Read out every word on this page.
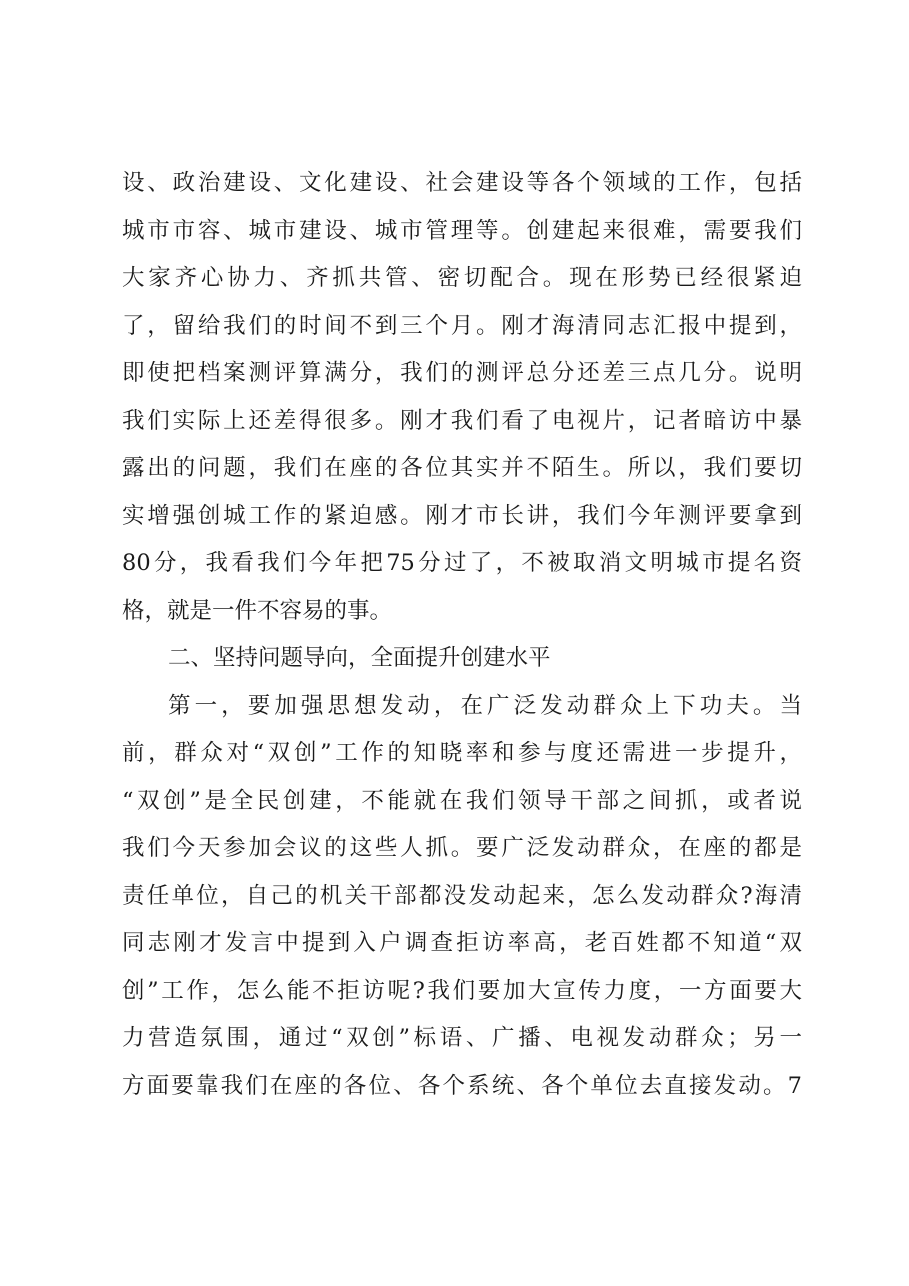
设、政治建设、文化建设、社会建设等各个领域的工作，包括
城市市容、城市建设、城市管理等。创建起来很难，需要我们
大家齐心协力、齐抓共管、密切配合。现在形势已经很紧迫
了，留给我们的时间不到三个月。刚才海清同志汇报中提到，
即使把档案测评算满分，我们的测评总分还差三点几分。说明
我们实际上还差得很多。刚才我们看了电视片，记者暗访中暴
露出的问题，我们在座的各位其实并不陌生。所以，我们要切
实增强创城工作的紧迫感。刚才市长讲，我们今年测评要拿到
80分，我看我们今年把75分过了，不被取消文明城市提名资
格，就是一件不容易的事。
二、坚持问题导向，全面提升创建水平
第一，要加强思想发动，在广泛发动群众上下功夫。当
前，群众对“双创”工作的知晓率和参与度还需进一步提升，
“双创”是全民创建，不能就在我们领导干部之间抓，或者说
我们今天参加会议的这些人抓。要广泛发动群众，在座的都是
责任单位，自己的机关干部都没发动起来，怎么发动群众?海清
同志刚才发言中提到入户调查拒访率高，老百姓都不知道“双
创”工作，怎么能不拒访呢?我们要加大宣传力度，一方面要大
力营造氛围，通过“双创”标语、广播、电视发动群众；另一
方面要靠我们在座的各位、各个系统、各个单位去直接发动。7
